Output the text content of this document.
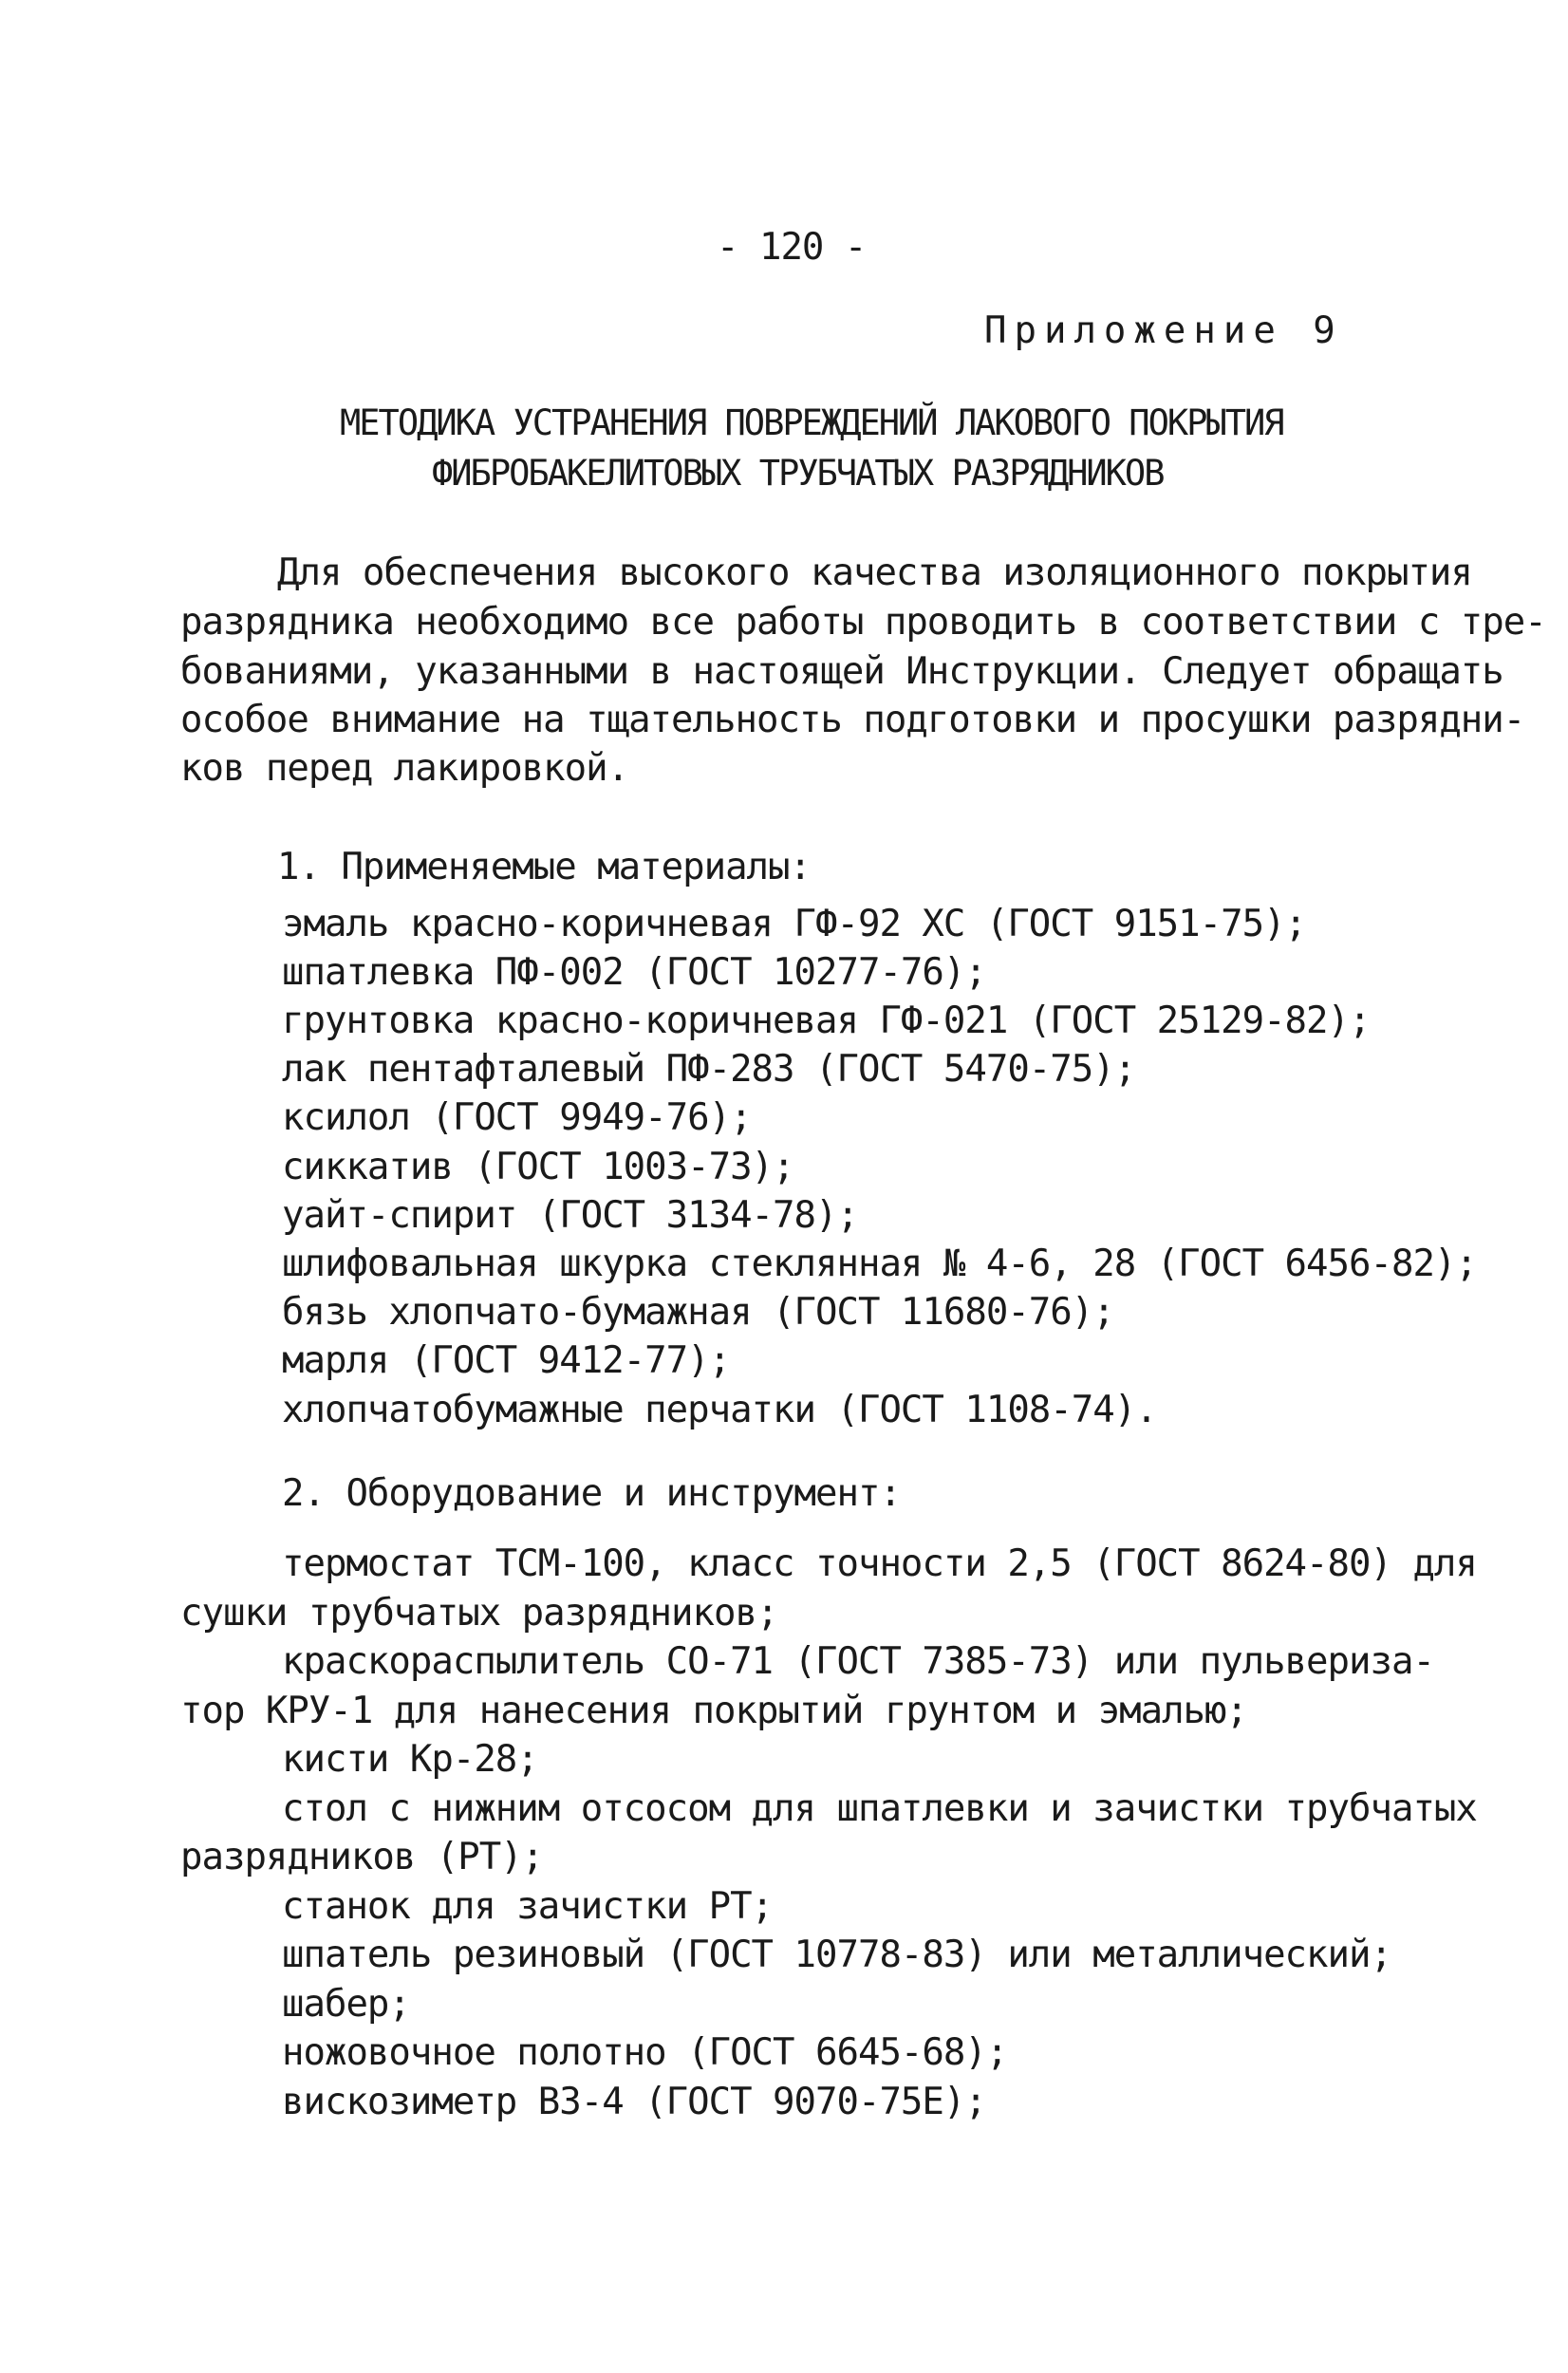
- 120 -
Приложение 9
МЕТОДИКА УСТРАНЕНИЯ ПОВРЕЖДЕНИЙ ЛАКОВОГО ПОКРЫТИЯ
ФИБРОБАКЕЛИТОВЫХ ТРУБЧАТЫХ РАЗРЯДНИКОВ
Для обеспечения высокого качества изоляционного покрытия
разрядника необходимо все работы проводить в соответствии с тре-
бованиями, указанными в настоящей Инструкции. Следует обращать
особое внимание на тщательность подготовки и просушки разрядни-
ков перед лакировкой.
1. Применяемые материалы:
эмаль красно-коричневая ГФ-92 ХС (ГОСТ 9151-75);
шпатлевка ПФ-002 (ГОСТ 10277-76);
грунтовка красно-коричневая ГФ-021 (ГОСТ 25129-82);
лак пентафталевый ПФ-283 (ГОСТ 5470-75);
ксилол (ГОСТ 9949-76);
сиккатив (ГОСТ 1003-73);
уайт-спирит (ГОСТ 3134-78);
шлифовальная шкурка стеклянная № 4-6, 28 (ГОСТ 6456-82);
бязь хлопчато-бумажная (ГОСТ 11680-76);
марля (ГОСТ 9412-77);
хлопчатобумажные перчатки (ГОСТ 1108-74).
2. Оборудование и инструмент:
термостат ТСМ-100, класс точности 2,5 (ГОСТ 8624-80) для
сушки трубчатых разрядников;
краскораспылитель СО-71 (ГОСТ 7385-73) или пульвериза-
тор КРУ-1 для нанесения покрытий грунтом и эмалью;
кисти Кр-28;
стол с нижним отсосом для шпатлевки и зачистки трубчатых
разрядников (РТ);
станок для зачистки РТ;
шпатель резиновый (ГОСТ 10778-83) или металлический;
шабер;
ножовочное полотно (ГОСТ 6645-68);
вискозиметр ВЗ-4 (ГОСТ 9070-75Е);
